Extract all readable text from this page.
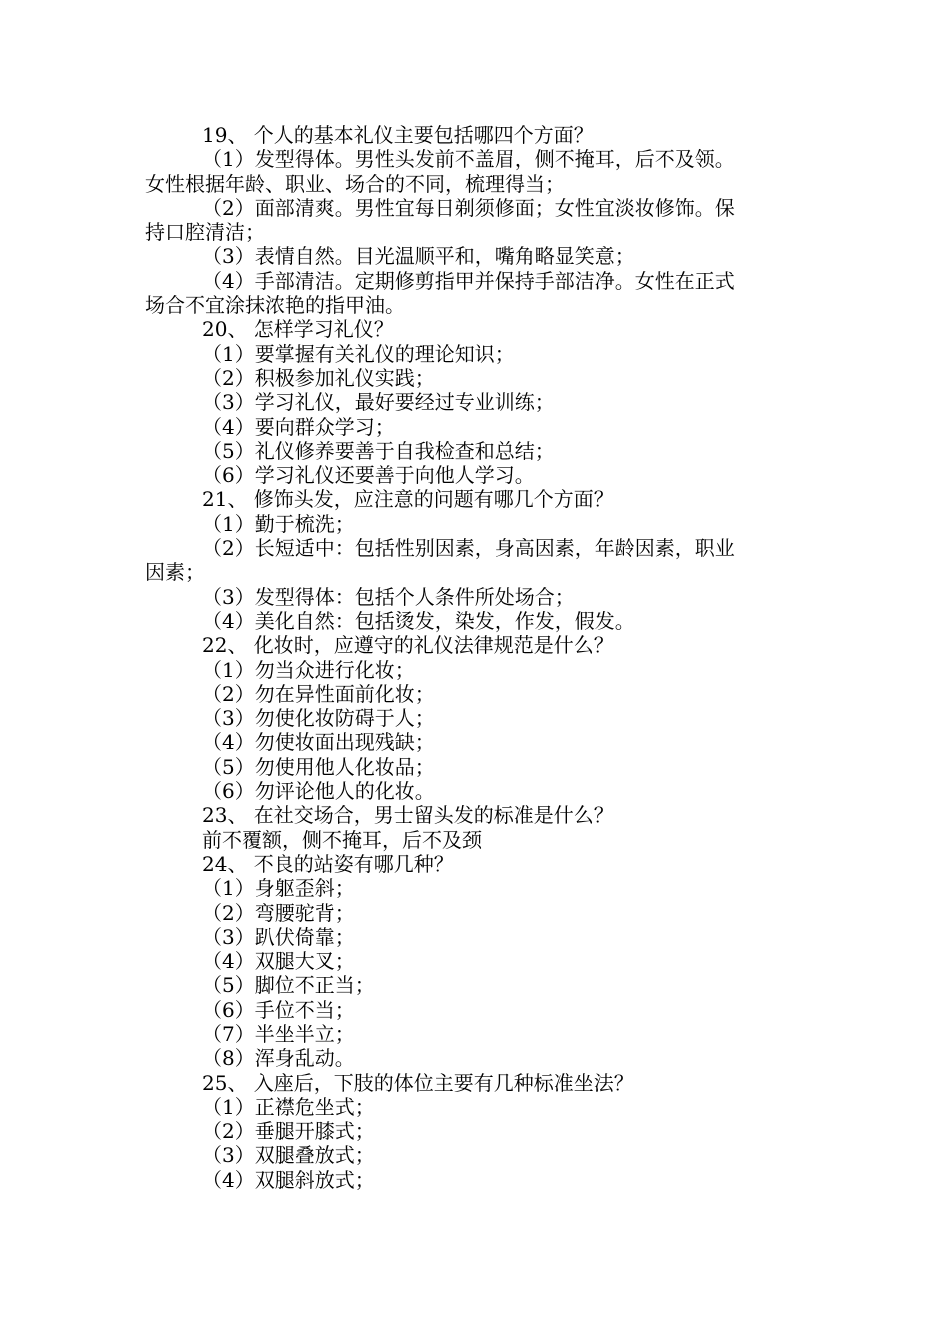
19、 个人的基本礼仪主要包括哪四个方面？
（1）发型得体。男性头发前不盖眉，侧不掩耳，后不及领。
女性根据年龄、职业、场合的不同，梳理得当；
（2）面部清爽。男性宜每日剃须修面；女性宜淡妆修饰。保
持口腔清洁；
（3）表情自然。目光温顺平和，嘴角略显笑意；
（4）手部清洁。定期修剪指甲并保持手部洁净。女性在正式
场合不宜涂抹浓艳的指甲油。
20、 怎样学习礼仪？
（1）要掌握有关礼仪的理论知识；
（2）积极参加礼仪实践；
（3）学习礼仪，最好要经过专业训练；
（4）要向群众学习；
（5）礼仪修养要善于自我检查和总结；
（6）学习礼仪还要善于向他人学习。
21、 修饰头发，应注意的问题有哪几个方面？
（1）勤于梳洗；
（2）长短适中：包括性别因素，身高因素，年龄因素，职业
因素；
（3）发型得体：包括个人条件所处场合；
（4）美化自然：包括烫发，染发，作发，假发。
22、 化妆时，应遵守的礼仪法律规范是什么？
（1）勿当众进行化妆；
（2）勿在异性面前化妆；
（3）勿使化妆防碍于人；
（4）勿使妆面出现残缺；
（5）勿使用他人化妆品；
（6）勿评论他人的化妆。
23、 在社交场合，男士留头发的标准是什么？
前不覆额，侧不掩耳，后不及颈
24、 不良的站姿有哪几种？
（1）身躯歪斜；
（2）弯腰驼背；
（3）趴伏倚靠；
（4）双腿大叉；
（5）脚位不正当；
（6）手位不当；
（7）半坐半立；
（8）浑身乱动。
25、 入座后，下肢的体位主要有几种标准坐法？
（1）正襟危坐式；
（2）垂腿开膝式；
（3）双腿叠放式；
（4）双腿斜放式；
